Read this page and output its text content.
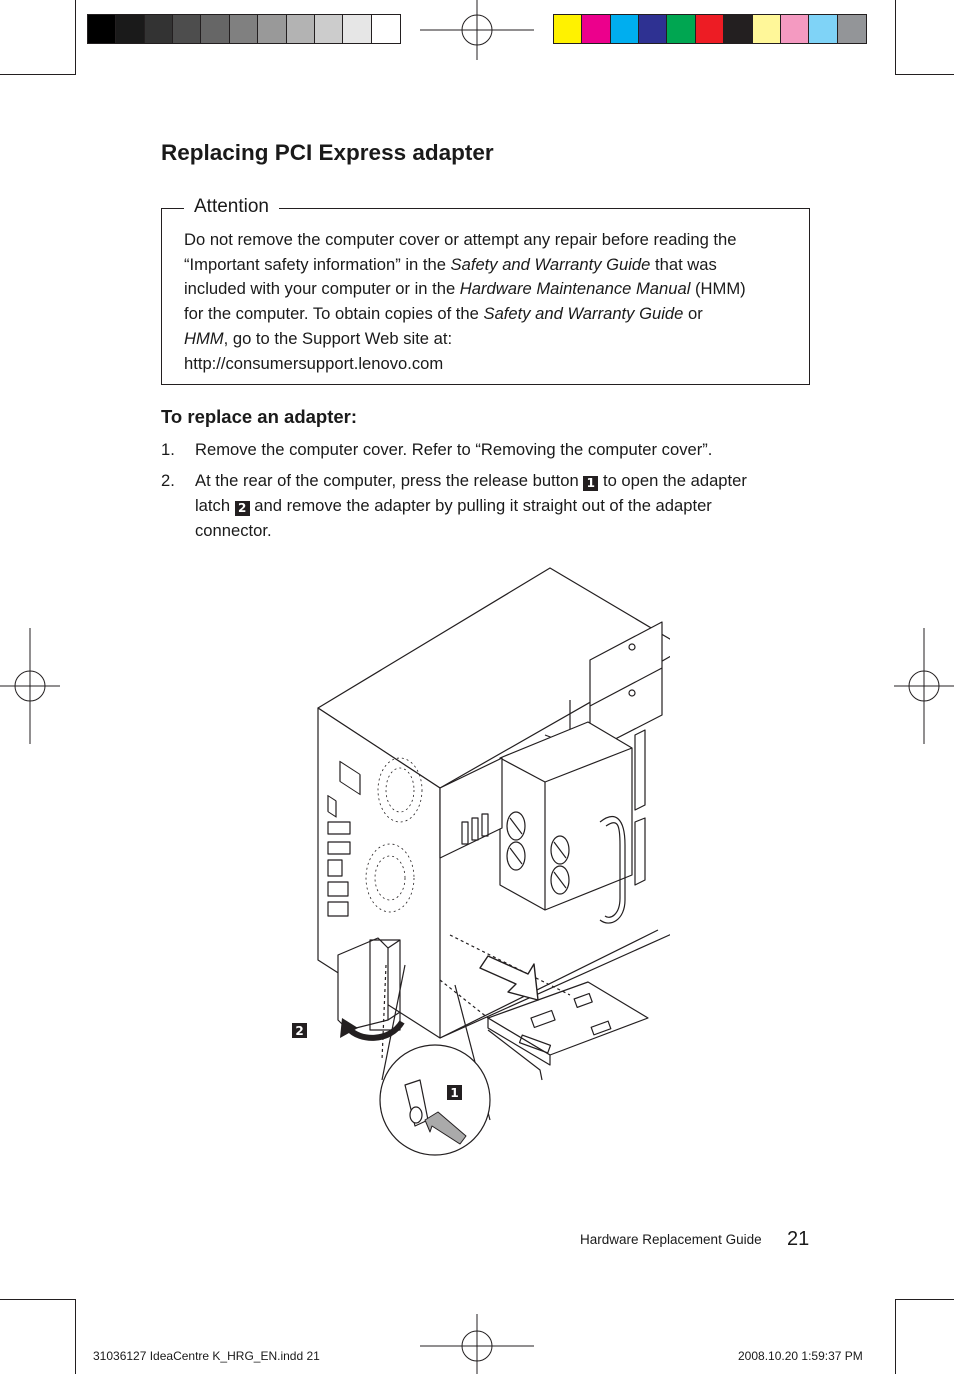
Replacing PCI Express adapter
Attention

Do not remove the computer cover or attempt any repair before reading the

“Important safety information” in the Safety and Warranty Guide that was

included with your computer or in the Hardware Maintenance Manual (HMM)

for the computer. To obtain copies of the Safety and Warranty Guide or

HMM, go to the Support Web site at:

http://consumersupport.lenovo.com

To replace an adapter:
1. Remove the computer cover. Refer to “Removing the computer cover”.
2. At the rear of the computer, press the release button 1 to open the adapter
latch 2 and remove the adapter by pulling it straight out of the adapter
connector.
2
1
Hardware Replacement Guide 21
31036127 IdeaCentre K_HRG_EN.indd 21	2008.10.20 1:59:37 PM
